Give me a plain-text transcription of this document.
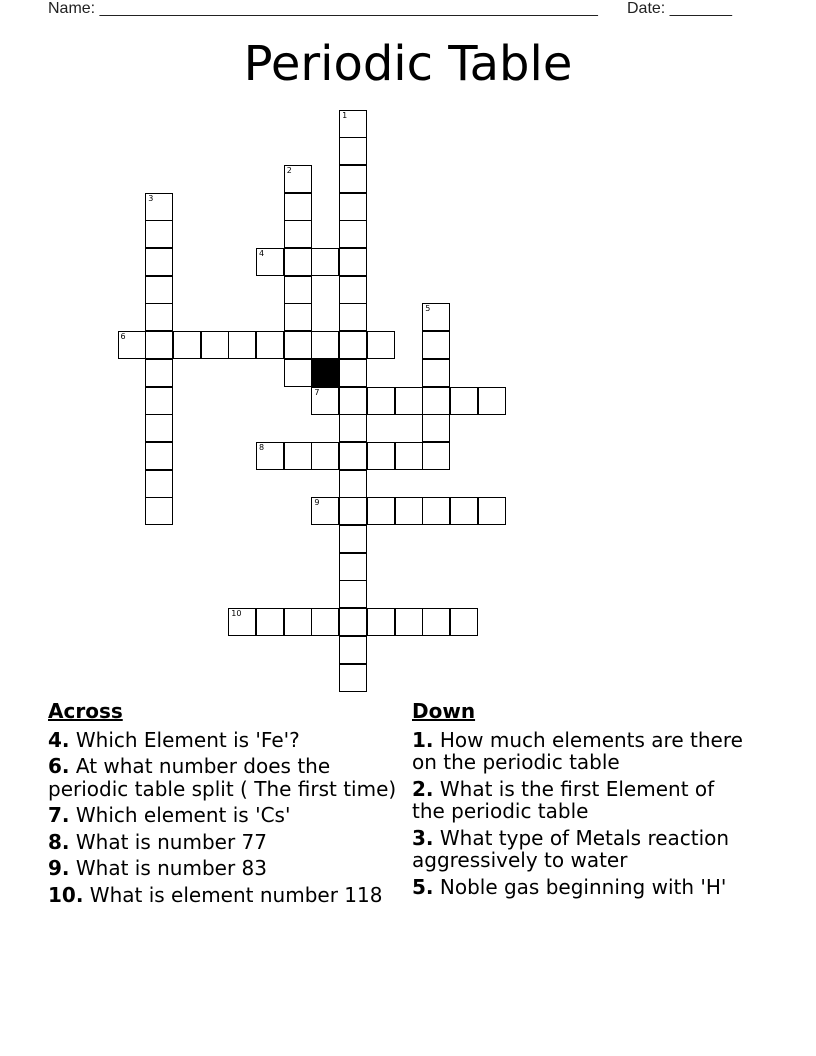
Name: ________________________________________________________ Date: _______
Periodic Table
4
6
7
8
9
10
1
2
3
5
Across
4. Which Element is 'Fe'?
6. At what number does the periodic table split ( The first time)
7. Which element is 'Cs'
8. What is number 77
9. What is number 83
10. What is element number 118
Down
1. How much elements are there on the periodic table
2. What is the first Element of the periodic table
3. What type of Metals reaction aggressively to water
5. Noble gas beginning with 'H'
